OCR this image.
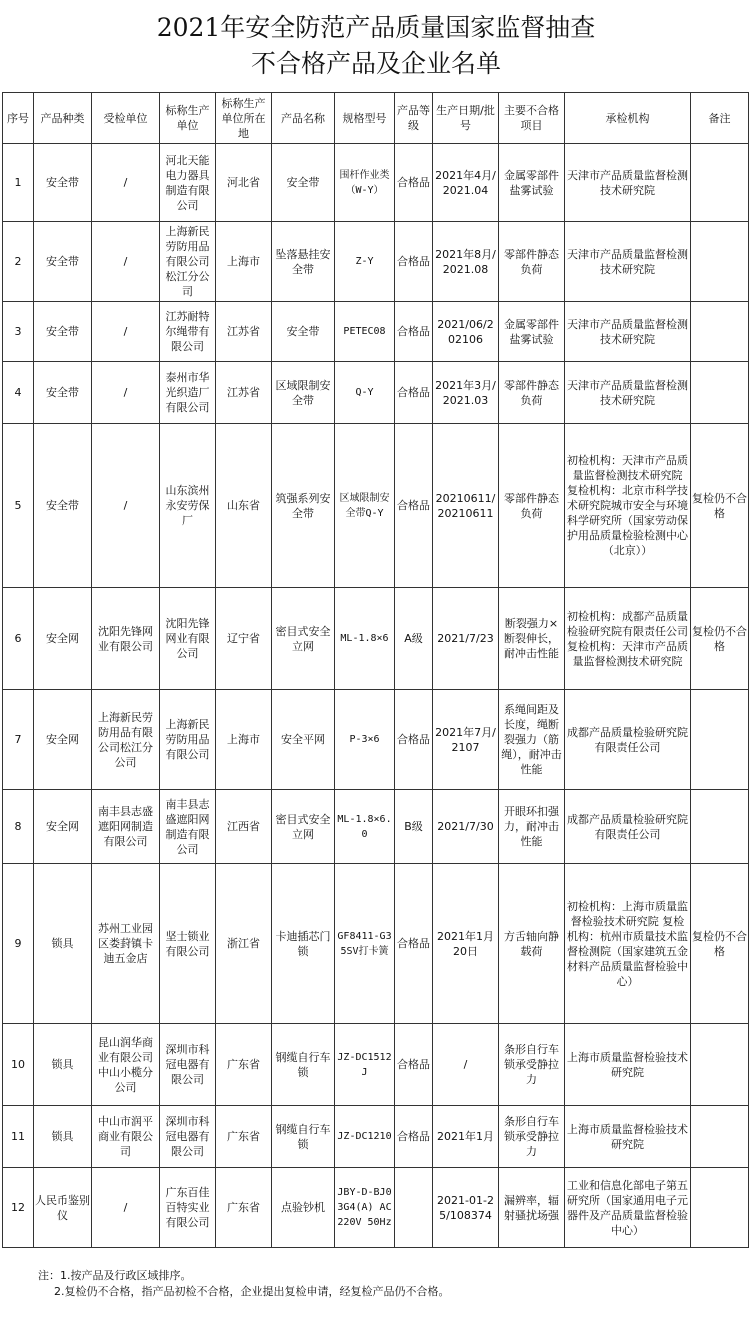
2021年安全防范产品质量国家监督抽查
不合格产品及企业名单
序号	产品种类	受检单位	标称生产单位	标称生产单位所在地	产品名称	规格型号	产品等级	生产日期/批号	主要不合格项目	承检机构	备注
1	安全带	/	河北天能电力器具制造有限公司	河北省	安全带	围杆作业类（W-Y）	合格品	2021年4月/2021.04	金属零部件盐雾试验	天津市产品质量监督检测技术研究院	
2	安全带	/	上海新民劳防用品有限公司松江分公司	上海市	坠落悬挂安全带	Z-Y	合格品	2021年8月/2021.08	零部件静态负荷	天津市产品质量监督检测技术研究院	
3	安全带	/	江苏耐特尔绳带有限公司	江苏省	安全带	PETEC08	合格品	2021/06/202106	金属零部件盐雾试验	天津市产品质量监督检测技术研究院	
4	安全带	/	泰州市华光织造厂有限公司	江苏省	区域限制安全带	Q-Y	合格品	2021年3月/2021.03	零部件静态负荷	天津市产品质量监督检测技术研究院	
5	安全带	/	山东滨州永安劳保厂	山东省	筑强系列安全带	区域限制安全带Q-Y	合格品	20210611/20210611	零部件静态负荷	初检机构：天津市产品质量监督检测技术研究院 复检机构：北京市科学技术研究院城市安全与环境科学研究所（国家劳动保护用品质量检验检测中心（北京））	复检仍不合格
6	安全网	沈阳先锋网业有限公司	沈阳先锋网业有限公司	辽宁省	密目式安全立网	ML-1.8×6	A级	2021/7/23	断裂强力×断裂伸长，耐冲击性能	初检机构：成都产品质量检验研究院有限责任公司 复检机构：天津市产品质量监督检测技术研究院	复检仍不合格
7	安全网	上海新民劳防用品有限公司松江分公司	上海新民劳防用品有限公司	上海市	安全平网	P-3×6	合格品	2021年7月/2107	系绳间距及长度，绳断裂强力（筋绳），耐冲击性能	成都产品质量检验研究院有限责任公司	
8	安全网	南丰县志盛遮阳网制造有限公司	南丰县志盛遮阳网制造有限公司	江西省	密目式安全立网	ML-1.8×6.0	B级	2021/7/30	开眼环扣强力，耐冲击性能	成都产品质量检验研究院有限责任公司	
9	锁具	苏州工业园区娄葑镇卡迪五金店	坚士锁业有限公司	浙江省	卡迪插芯门锁	GF8411-G35SV打卡簧	合格品	2021年1月20日	方舌轴向静载荷	初检机构：上海市质量监督检验技术研究院 复检机构：杭州市质量技术监督检测院（国家建筑五金材料产品质量监督检验中心）	复检仍不合格
10	锁具	昆山润华商业有限公司中山小榄分公司	深圳市科冠电器有限公司	广东省	钢缆自行车锁	JZ-DC1512J	合格品	/	条形自行车锁承受静拉力	上海市质量监督检验技术研究院	
11	锁具	中山市润平商业有限公司	深圳市科冠电器有限公司	广东省	钢缆自行车锁	JZ-DC1210	合格品	2021年1月	条形自行车锁承受静拉力	上海市质量监督检验技术研究院	
12	人民币鉴别仪	/	广东百佳百特实业有限公司	广东省	点验钞机	JBY-D-BJ03G4(A) AC220V 50Hz		2021-01-25/108374	漏辨率，辐射骚扰场强	工业和信息化部电子第五研究所（国家通用电子元器件及产品质量监督检验中心）	
注：1.按产品及行政区域排序。
2.复检仍不合格，指产品初检不合格，企业提出复检申请，经复检产品仍不合格。
